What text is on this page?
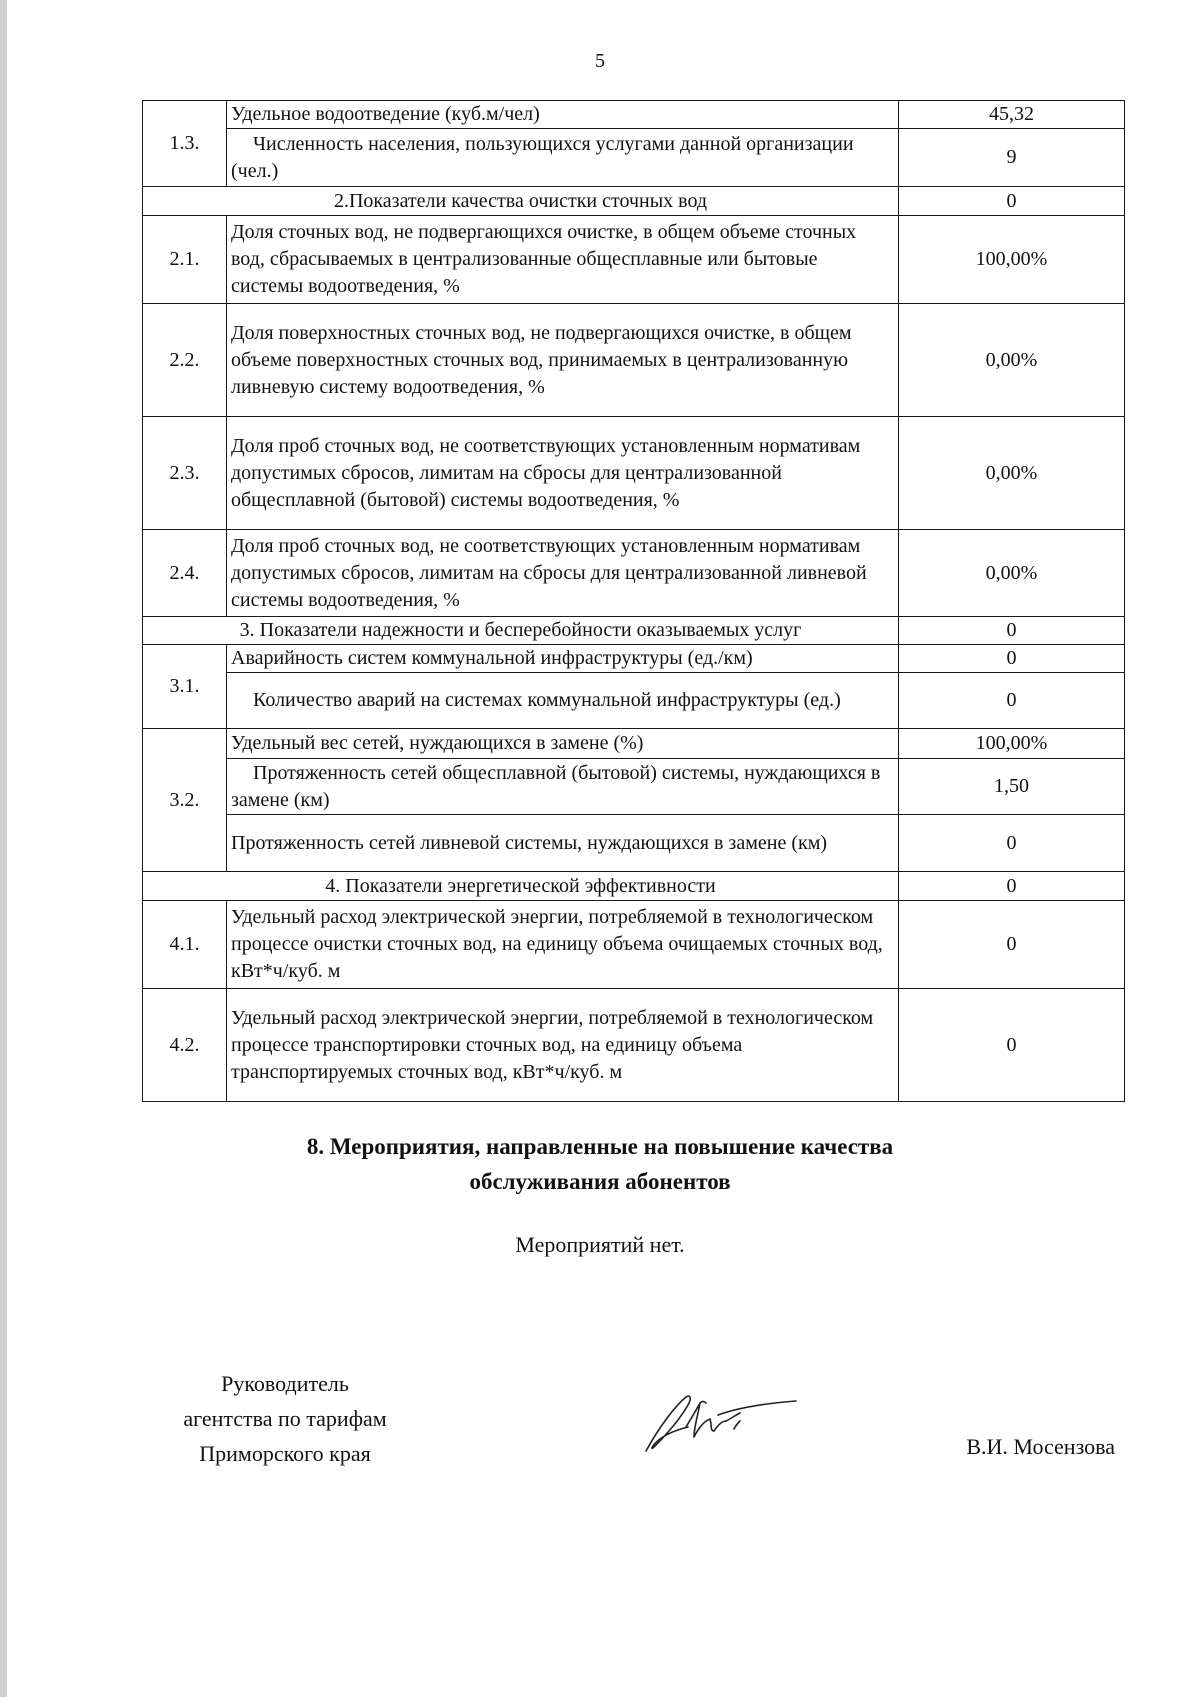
5
1.3.	Удельное водоотведение (куб.м/чел)	45,32
	Численность населения, пользующихся услугами данной организации (чел.)	9
2.Показатели качества очистки сточных вод		0
2.1.	Доля сточных вод, не подвергающихся очистке, в общем объеме сточных вод, сбрасываемых в централизованные общесплавные или бытовые системы водоотведения, %	100,00%
2.2.	Доля поверхностных сточных вод, не подвергающихся очистке, в общем объеме поверхностных сточных вод, принимаемых в централизованную ливневую систему водоотведения, %	0,00%
2.3.	Доля проб сточных вод, не соответствующих установленным нормативам допустимых сбросов, лимитам на сбросы для централизованной общесплавной (бытовой) системы водоотведения, %	0,00%
2.4.	Доля проб сточных вод, не соответствующих установленным нормативам допустимых сбросов, лимитам на сбросы для централизованной ливневой системы водоотведения, %	0,00%
3. Показатели надежности и бесперебойности оказываемых услуг		0
3.1.	Аварийность систем коммунальной инфраструктуры (ед./км)	0
	Количество аварий на системах коммунальной инфраструктуры (ед.)	0
3.2.	Удельный вес сетей, нуждающихся в замене (%)	100,00%
	Протяженность сетей общесплавной (бытовой) системы, нуждающихся в замене (км)	1,50
	Протяженность сетей ливневой системы, нуждающихся в замене (км)	0
4. Показатели энергетической эффективности		0
4.1.	Удельный расход электрической энергии, потребляемой в технологическом процессе очистки сточных вод, на единицу объема очищаемых сточных вод, кВт*ч/куб. м	0
4.2.	Удельный расход электрической энергии, потребляемой в технологическом процессе транспортировки сточных вод, на единицу объема транспортируемых сточных вод, кВт*ч/куб. м	0
8. Мероприятия, направленные на повышение качества
обслуживания абонентов
Мероприятий нет.
Руководитель
агентства по тарифам
Приморского края	В.И. Мосензова
